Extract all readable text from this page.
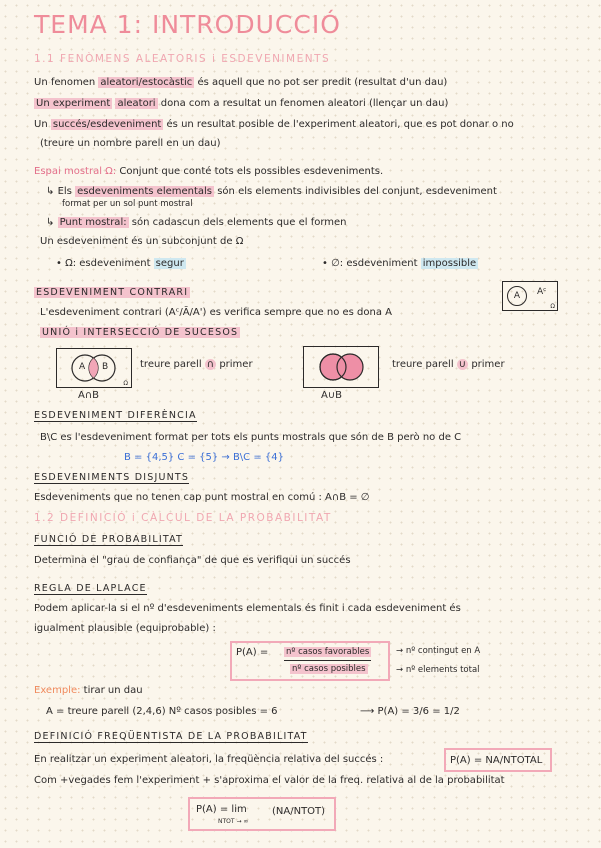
TEMA 1: INTRODUCCIÓ
1.1 FENÒMENS ALEATORIS i ESDEVENIMENTS
Un fenomen aleatori/estocàstic és aquell que no pot ser predit (resultat d'un dau)
Un experiment aleatori dona com a resultat un fenomen aleatori (llençar un dau)
Un succés/esdeveniment és un resultat posible de l'experiment aleatori, que es pot donar o no
(treure un nombre parell en un dau)
Espai mostral Ω: Conjunt que conté tots els possibles esdeveniments.
↳ Els esdeveniments elementals són els elements indivisibles del conjunt, esdeveniment
format per un sol punt mostral
↳ Punt mostral: són cadascun dels elements que el formen
Un esdeveniment és un subconjunt de Ω
• Ω: esdeveniment segur	• ∅: esdeveniment impossible
ESDEVENIMENT CONTRARI
L'esdeveniment contrari (Aᶜ/Ā/A') es verifica sempre que no es dona A
A	Aᶜ
Ω
UNIÓ i INTERSECCIÓ DE SUCESOS
A B
Ω
treure parell ∩ primer
A∩B
treure parell ∪ primer
A∪B
ESDEVENIMENT DIFERÈNCIA
B\C es l'esdeveniment format per tots els punts mostrals que són de B però no de C
B = {4,5} C = {5} → B\C = {4}
ESDEVENIMENTS DISJUNTS
Esdeveniments que no tenen cap punt mostral en comú : A∩B = ∅
1.2 DEFINICIÓ i CÀLCUL DE LA PROBABILITAT
FUNCIÓ DE PROBABILITAT
Determina el "grau de confiança" de que es verifiqui un succés
REGLA DE LAPLACE
Podem aplicar-la si el nº d'esdeveniments elementals és finit i cada esdeveniment és
igualment plausible (equiprobable) :
P(A) = nº casos favorables
nº casos posibles
→ nº contingut en A
→ nº elements total
Exemple: tirar un dau
A = treure parell (2,4,6) Nº casos posibles = 6	⟶ P(A) = 3/6 = 1/2
DEFINICIÓ FREQÜENTISTA DE LA PROBABILITAT
En realitzar un experiment aleatori, la freqüència relativa del succés :	P(A) = NA/NTOTAL
Com +vegades fem l'experiment + s'aproxima el valor de la freq. relativa al de la probabilitat
P(A) = lim
NTOT → ∞
(NA/NTOT)
